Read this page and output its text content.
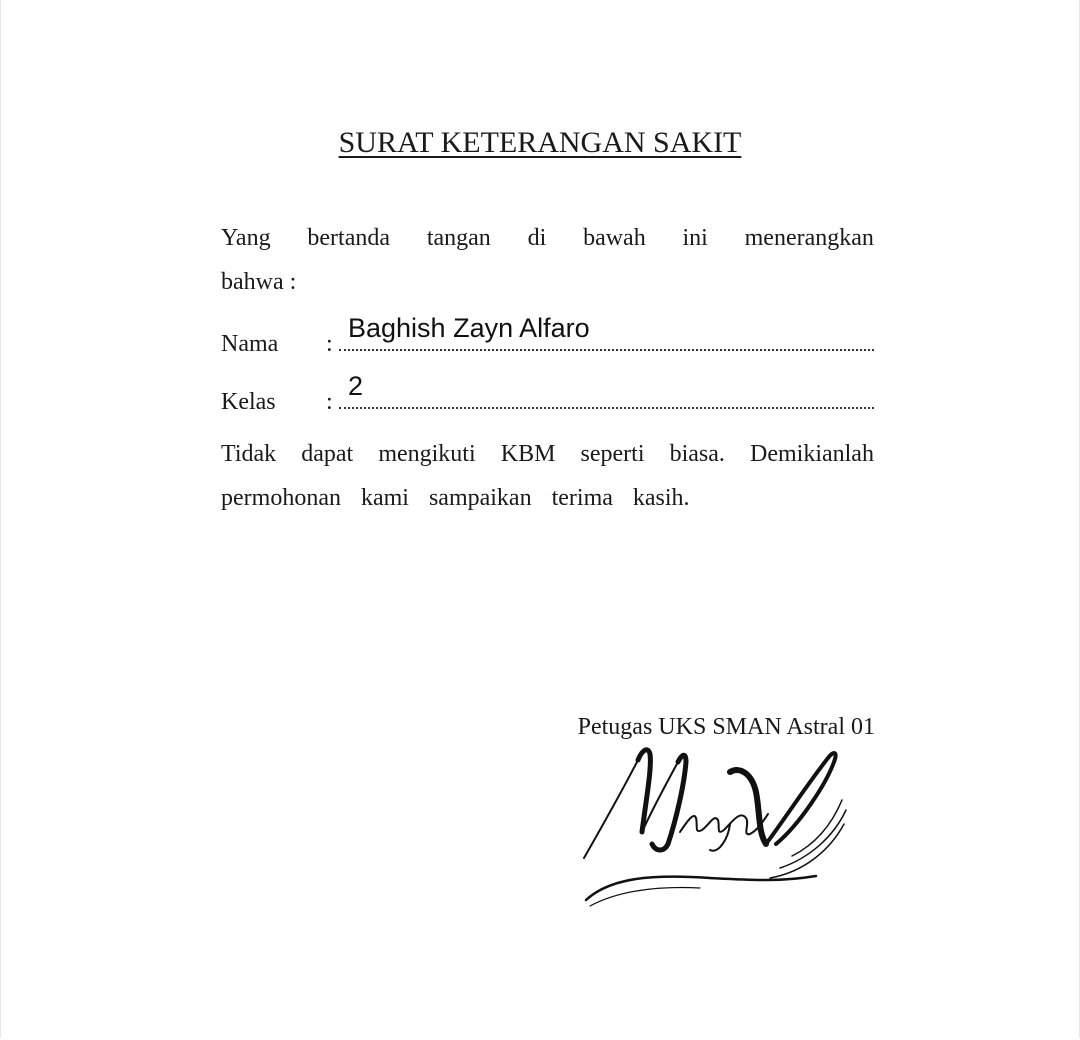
SURAT KETERANGAN SAKIT
Yang bertanda tangan di bawah ini menerangkan
bahwa :
Nama :
Baghish Zayn Alfaro
Kelas :
2
Tidak dapat mengikuti KBM seperti biasa. Demikianlah
permohonan kami sampaikan terima kasih.
Petugas UKS SMAN Astral 01
